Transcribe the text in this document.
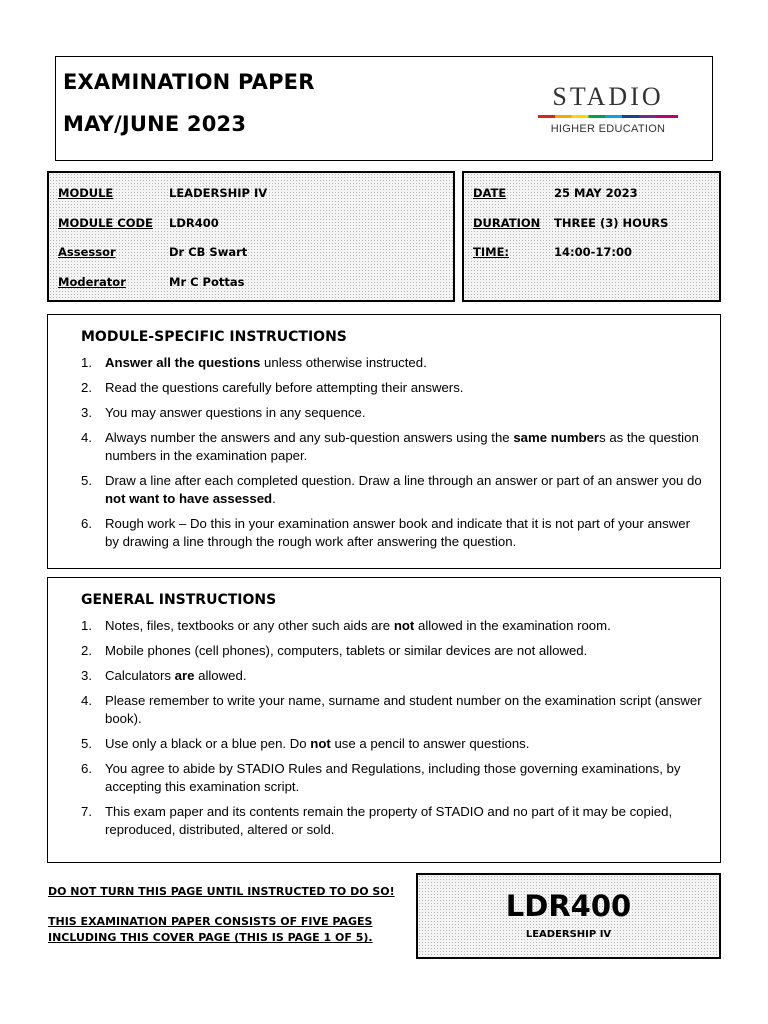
EXAMINATION PAPER
MAY/JUNE 2023
STADIO
HIGHER EDUCATION
MODULE	LEADERSHIP IV
MODULE CODE LDR400
Assessor	Dr CB Swart
Moderator	Mr C Pottas
DATE	25 MAY 2023
DURATION THREE (3) HOURS
TIME:	14:00-17:00
MODULE-SPECIFIC INSTRUCTIONS
1. Answer all the questions unless otherwise instructed.
2. Read the questions carefully before attempting their answers.
3. You may answer questions in any sequence.
4. Always number the answers and any sub-question answers using the same numbers as the question numbers in the examination paper.
5. Draw a line after each completed question. Draw a line through an answer or part of an answer you do not want to have assessed.
6. Rough work – Do this in your examination answer book and indicate that it is not part of your answer by drawing a line through the rough work after answering the question.
GENERAL INSTRUCTIONS
1. Notes, files, textbooks or any other such aids are not allowed in the examination room.
2. Mobile phones (cell phones), computers, tablets or similar devices are not allowed.
3. Calculators are allowed.
4. Please remember to write your name, surname and student number on the examination script (answer book).
5. Use only a black or a blue pen. Do not use a pencil to answer questions.
6. You agree to abide by STADIO Rules and Regulations, including those governing examinations, by accepting this examination script.
7. This exam paper and its contents remain the property of STADIO and no part of it may be copied, reproduced, distributed, altered or sold.
DO NOT TURN THIS PAGE UNTIL INSTRUCTED TO DO SO!
THIS EXAMINATION PAPER CONSISTS OF FIVE PAGES
INCLUDING THIS COVER PAGE (THIS IS PAGE 1 OF 5).
LDR400
LEADERSHIP IV
